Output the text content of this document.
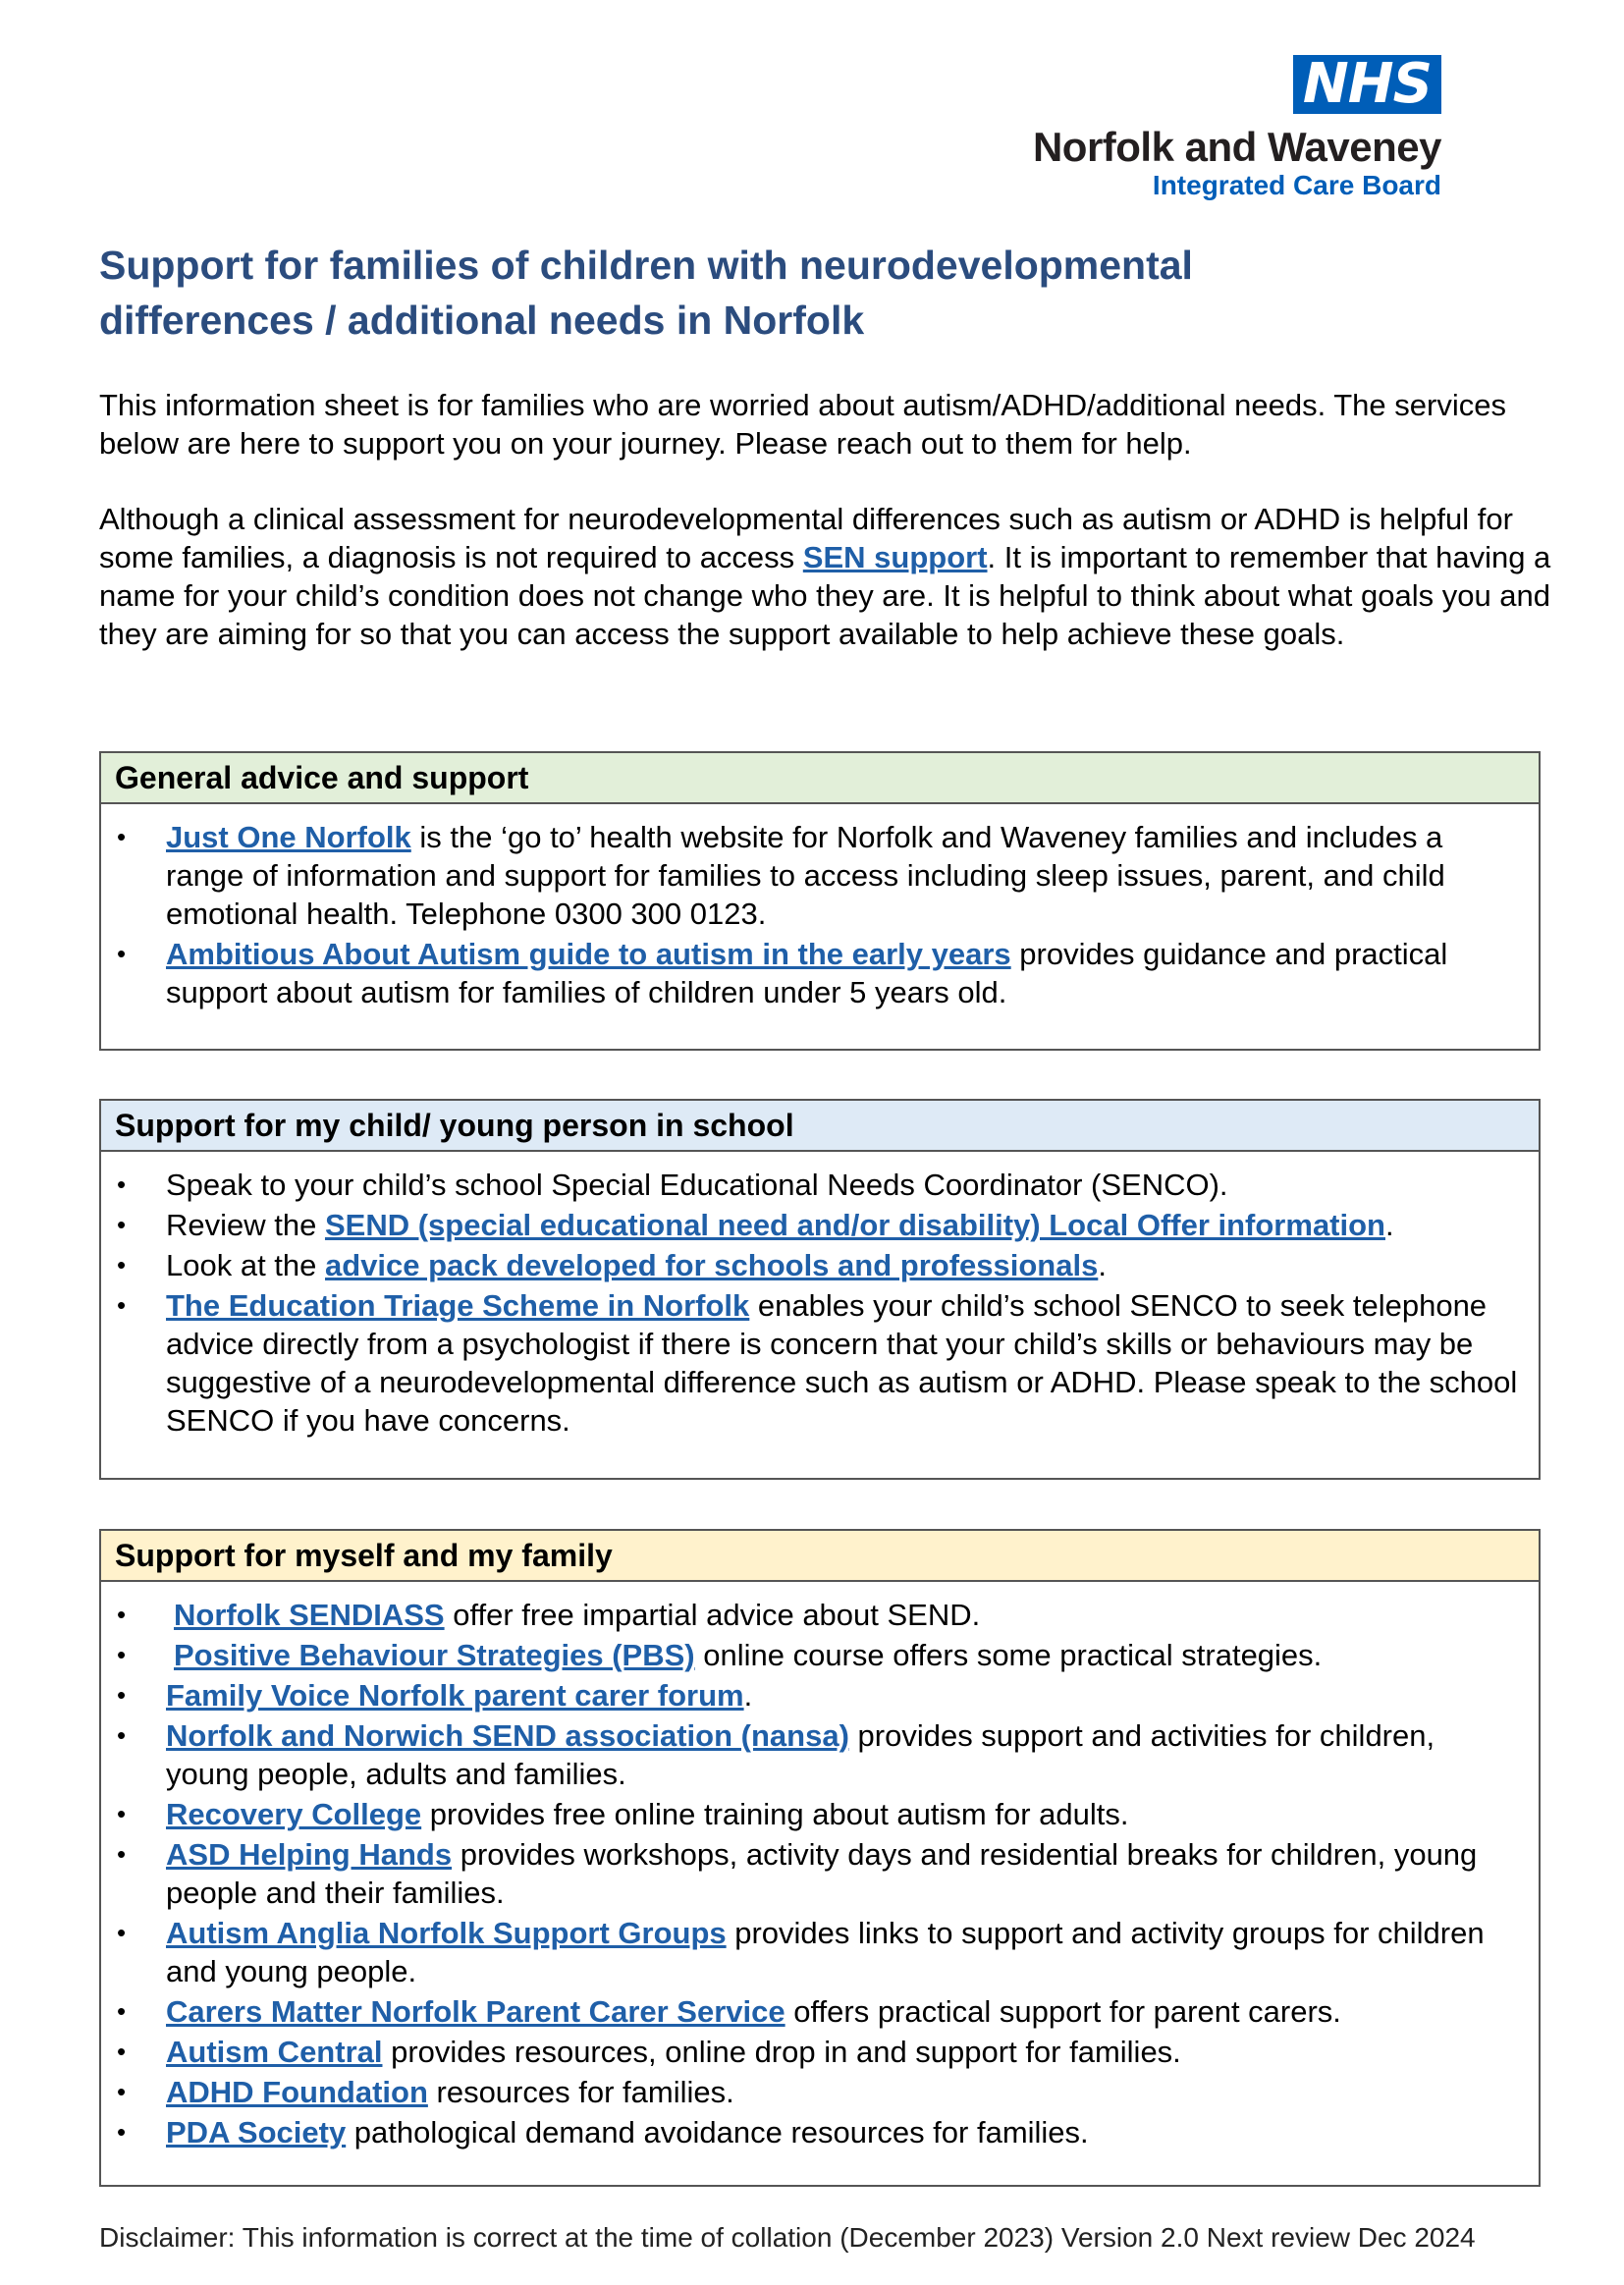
NHS
Norfolk and Waveney
Integrated Care Board
Support for families of children with neurodevelopmental differences / additional needs in Norfolk

This information sheet is for families who are worried about autism/ADHD/additional needs. The services below are here to support you on your journey. Please reach out to them for help.

Although a clinical assessment for neurodevelopmental differences such as autism or ADHD is helpful for some families, a diagnosis is not required to access SEN support. It is important to remember that having a name for your child’s condition does not change who they are. It is helpful to think about what goals you and they are aiming for so that you can access the support available to help achieve these goals.

General advice and support
• Just One Norfolk is the ‘go to’ health website for Norfolk and Waveney families and includes a range of information and support for families to access including sleep issues, parent, and child emotional health. Telephone 0300 300 0123.
• Ambitious About Autism guide to autism in the early years provides guidance and practical support about autism for families of children under 5 years old.
Support for my child/ young person in school
• Speak to your child’s school Special Educational Needs Coordinator (SENCO).
• Review the SEND (special educational need and/or disability) Local Offer information.
• Look at the advice pack developed for schools and professionals.
• The Education Triage Scheme in Norfolk enables your child’s school SENCO to seek telephone advice directly from a psychologist if there is concern that your child’s skills or behaviours may be suggestive of a neurodevelopmental difference such as autism or ADHD. Please speak to the school SENCO if you have concerns.
Support for myself and my family
• Norfolk SENDIASS offer free impartial advice about SEND.
• Positive Behaviour Strategies (PBS) online course offers some practical strategies.
• Family Voice Norfolk parent carer forum.
• Norfolk and Norwich SEND association (nansa) provides support and activities for children, young people, adults and families.
• Recovery College provides free online training about autism for adults.
• ASD Helping Hands provides workshops, activity days and residential breaks for children, young people and their families.
• Autism Anglia Norfolk Support Groups provides links to support and activity groups for children and young people.
• Carers Matter Norfolk Parent Carer Service offers practical support for parent carers.
• Autism Central provides resources, online drop in and support for families.
• ADHD Foundation resources for families.
• PDA Society pathological demand avoidance resources for families.

Disclaimer: This information is correct at the time of collation (December 2023) Version 2.0 Next review Dec 2024
